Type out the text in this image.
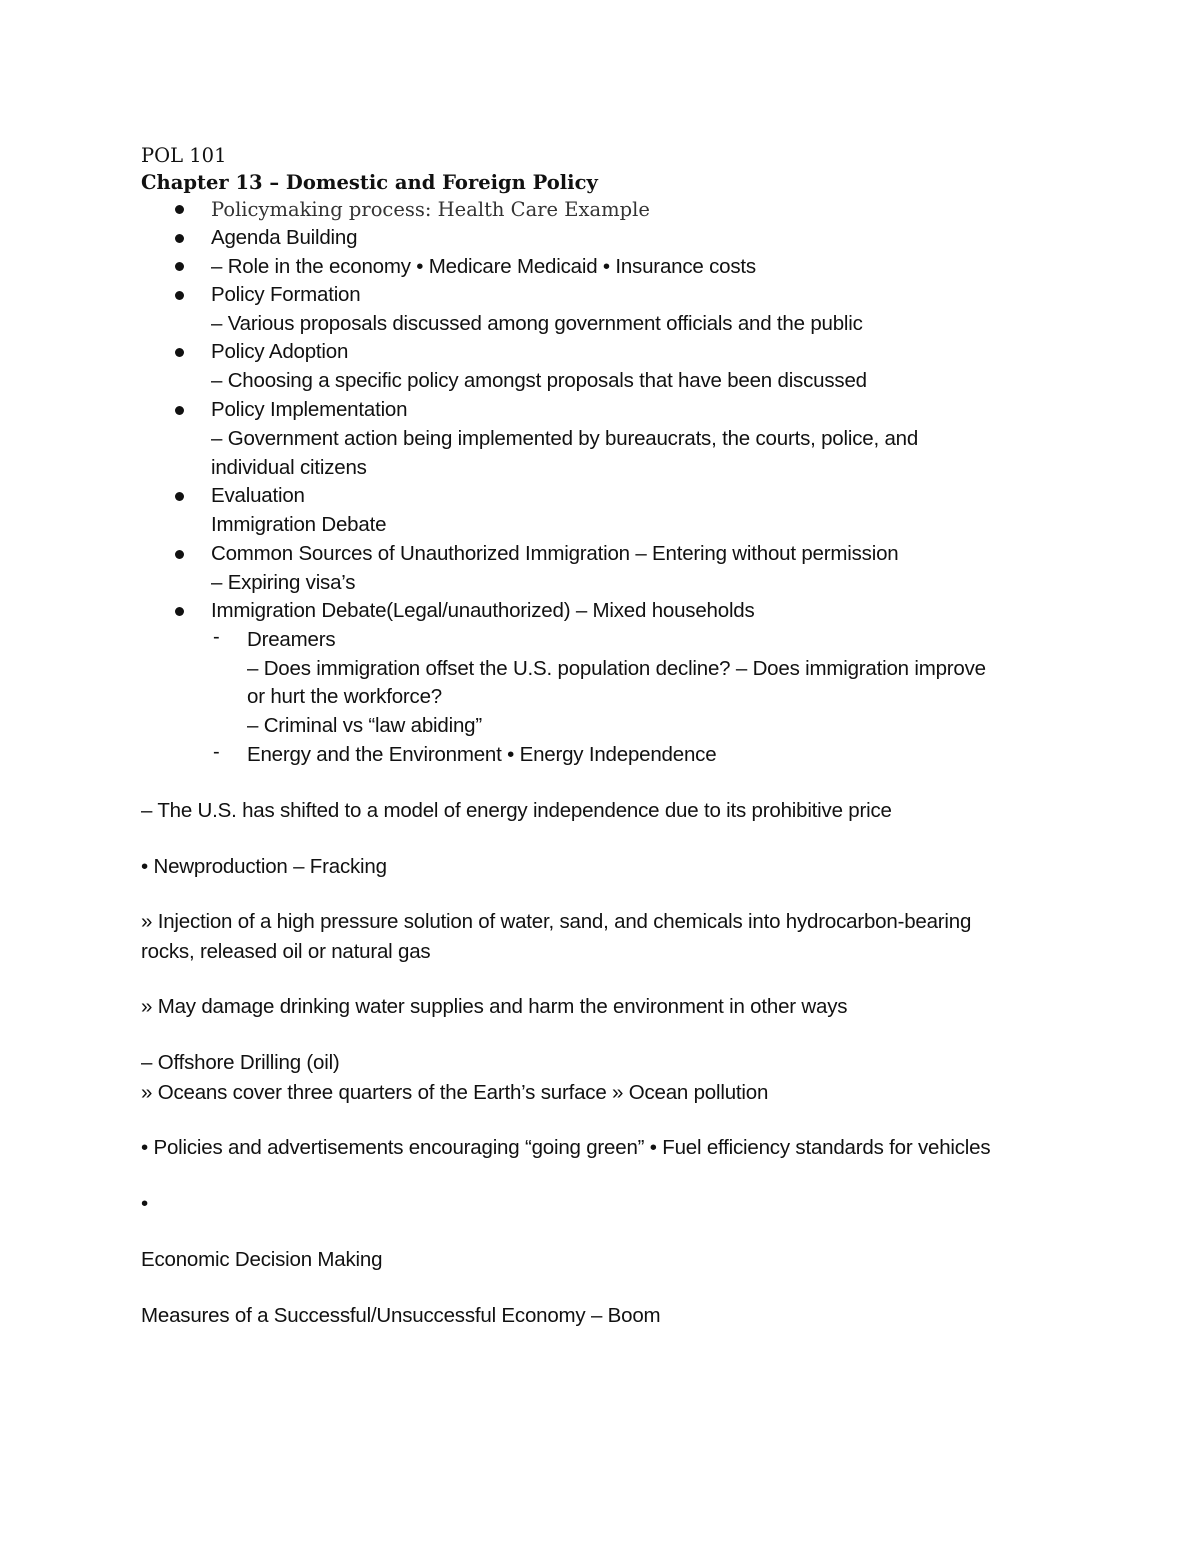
POL 101
Chapter 13 – Domestic and Foreign Policy
Policymaking process: Health Care Example
Agenda Building
– Role in the economy • Medicare Medicaid • Insurance costs
Policy Formation
– Various proposals discussed among government officials and the public
Policy Adoption
– Choosing a specific policy amongst proposals that have been discussed
Policy Implementation
– Government action being implemented by bureaucrats, the courts, police, and
individual citizens
Evaluation
Immigration Debate
Common Sources of Unauthorized Immigration – Entering without permission
– Expiring visa’s
Immigration Debate(Legal/unauthorized) – Mixed households
- Dreamers
– Does immigration offset the U.S. population decline? – Does immigration improve
or hurt the workforce?
– Criminal vs “law abiding”
- Energy and the Environment • Energy Independence
– The U.S. has shifted to a model of energy independence due to its prohibitive price
• Newproduction – Fracking
» Injection of a high pressure solution of water, sand, and chemicals into hydrocarbon-bearing
rocks, released oil or natural gas
» May damage drinking water supplies and harm the environment in other ways
– Offshore Drilling (oil)
» Oceans cover three quarters of the Earth’s surface » Ocean pollution
• Policies and advertisements encouraging “going green” • Fuel efficiency standards for vehicles
•
Economic Decision Making
Measures of a Successful/Unsuccessful Economy – Boom
